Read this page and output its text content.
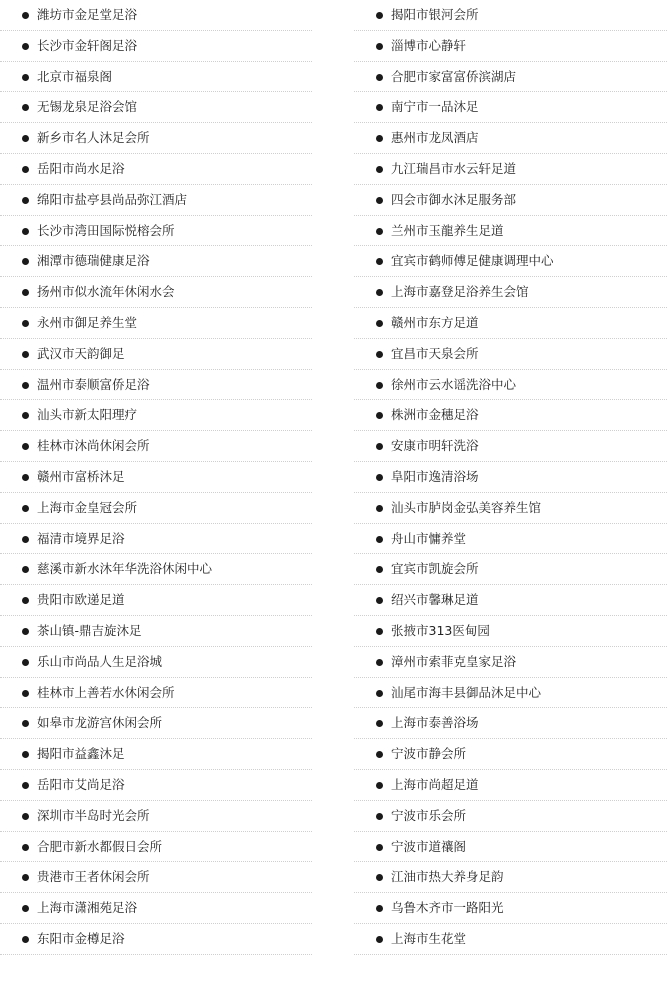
潍坊市金足堂足浴
长沙市金轩阁足浴
北京市福泉阁
无锡龙泉足浴会馆
新乡市名人沐足会所
岳阳市尚水足浴
绵阳市盐亭县尚品弥江酒店
长沙市湾田国际悦榕会所
湘潭市德瑞健康足浴
扬州市似水流年休闲水会
永州市御足养生堂
武汉市天韵御足
温州市泰顺富侨足浴
汕头市新太阳理疗
桂林市沐尚休闲会所
赣州市富桥沐足
上海市金皇冠会所
福清市境界足浴
慈溪市新水沐年华洗浴休闲中心
贵阳市欧递足道
茶山镇-鼎吉旋沐足
乐山市尚品人生足浴城
桂林市上善若水休闲会所
如皋市龙游宫休闲会所
揭阳市益鑫沐足
岳阳市艾尚足浴
深圳市半岛时光会所
合肥市新水都假日会所
贵港市王者休闲会所
上海市潇湘苑足浴
东阳市金樽足浴
揭阳市银河会所
淄博市心静轩
合肥市家富富侨滨湖店
南宁市一品沐足
惠州市龙凤酒店
九江瑞昌市水云轩足道
四会市御水沐足服务部
兰州市玉龍养生足道
宜宾市鹤师傅足健康调理中心
上海市嘉登足浴养生会馆
赣州市东方足道
宜昌市天泉会所
徐州市云水谣洗浴中心
株洲市金穗足浴
安康市明轩洗浴
阜阳市逸清浴场
汕头市胪岗金弘美容养生馆
舟山市慵养堂
宜宾市凯旋会所
绍兴市馨琳足道
张掖市313医甸园
漳州市索菲克皇家足浴
汕尾市海丰县御品沐足中心
上海市泰善浴场
宁波市静会所
上海市尚超足道
宁波市乐会所
宁波市道禳阁
江油市热大养身足韵
乌鲁木齐市一路阳光
上海市生花堂
